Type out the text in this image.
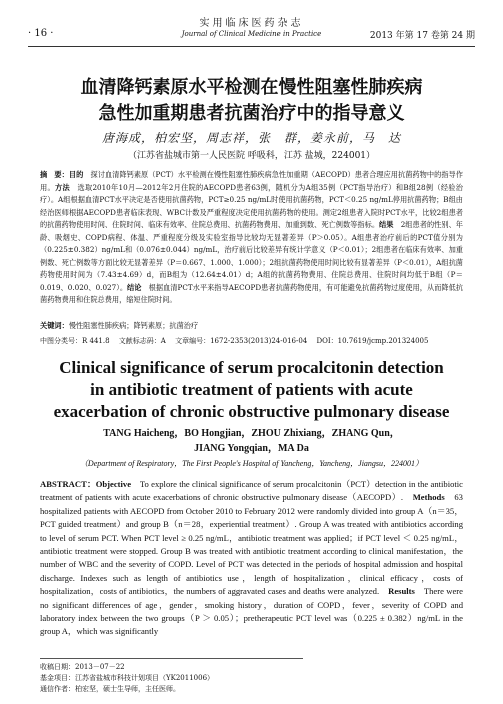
· 16 ·
实用临床医药杂志
Journal of Clinical Medicine in Practice	2013 年第 17 卷第 24 期
血清降钙素原水平检测在慢性阻塞性肺疾病
急性加重期患者抗菌治疗中的指导意义
唐海成，柏宏坚，周志祥，张　群，姜永前，马　达
（江苏省盐城市第一人民医院 呼吸科，江苏 盐城，224001）
摘　要：目的　 探讨血清降钙素原（PCT）水平检测在慢性阻塞性肺疾病急性加重期（AECOPD）患者合理应用抗菌药物中的指导作用。方法　 选取2010年10月—2012年2月住院的AECOPD患者63例，随机分为A组35例（PCT指导治疗）和B组28例（经验治疗）。A组根据血清PCT水平决定是否使用抗菌药物，PCT≥0.25 ng/mL时使用抗菌药物，PCT＜0.25 ng/mL停用抗菌药物；B组由经治医师根据AECOPD患者临床表现、WBC计数及严重程度决定使用抗菌药物的使用。测定2组患者入院时PCT水平，比较2组患者的抗菌药物使用时间、住院时间、临床有效率、住院总费用、抗菌药物费用、加重到数、死亡例数等指标。结果　 2组患者的性别、年龄、吸烟史、COPD病程、体温、严重程度分级及实验室指导比较均无显著差异（P＞0.05）。A组患者治疗前后的PCT值分别为（0.225±0.382）ng/mL和（0.076±0.044）ng/mL，治疗前后比较差异有统计学意义（P＜0.01）；2组患者在临床有效率、加重例数、死亡例数等方面比较无显著差异（P＝0.667、1.000、1.000）；2组抗菌药物使用时间比较有显著差异（P＜0.01），A组抗菌药物使用时间为（7.43±4.69）d，而B组为（12.64±4.01）d；A组的抗菌药物费用、住院总费用、住院时间均低于B组（P＝0.019、0.020、0.027）。结论　 根据血清PCT水平来指导AECOPD患者抗菌药物使用，有可能避免抗菌药物过度使用，从而降低抗菌药物费用和住院总费用，缩短住院时间。
关键词：慢性阻塞性肺疾病；降钙素原；抗菌治疗
中图分类号：R 441.8　 文献标志码：A　 文章编号：1672-2353(2013)24-016-04　 DOI：10.7619/jcmp.201324005
Clinical significance of serum procalcitonin detection
in antibiotic treatment of patients with acute
exacerbation of chronic obstructive pulmonary disease
TANG Haicheng，BO Hongjian，ZHOU Zhixiang，ZHANG Qun，
JIANG Yongqian，MA Da
（Department of Respiratory，The First People's Hospital of Yancheng，Yancheng，Jiangsu，224001）
ABSTRACT：Objective　 To explore the clinical significance of serum procalcitonin（PCT）detection in the antibiotic treatment of patients with acute exacerbations of chronic obstructive pulmonary disease（AECOPD）.　 Methods　 63 hospitalized patients with AECOPD from October 2010 to February 2012 were randomly divided into group A（n＝35，PCT guided treatment）and group B（n＝28，experiential treatment）. Group A was treated with antibiotics according to level of serum PCT. When PCT level ≥ 0.25 ng/mL，antibiotic treatment was applied；if PCT level ＜ 0.25 ng/mL，antibiotic treatment were stopped. Group B was treated with antibiotic treatment according to clinical manifestation，the number of WBC and the severity of COPD. Level of PCT was detected in the periods of hospital admission and hospital discharge. Indexes such as length of antibiotics use，length of hospitalization，clinical efficacy，costs of hospitalization，costs of antibiotics，the numbers of aggravated cases and deaths were analyzed.　 Results　 There were no significant differences of age，gender，smoking history，duration of COPD，fever，severity of COPD and laboratory index between the two groups（P ＞ 0.05）；pretherapeutic PCT level was（0.225 ± 0.382）ng/mL in the group A，which was significantly
收稿日期：2013－07－22
基金项目：江苏省盐城市科技计划项目（YK2011006）
通信作者：柏宏坚，硕士生导师，主任医师。
